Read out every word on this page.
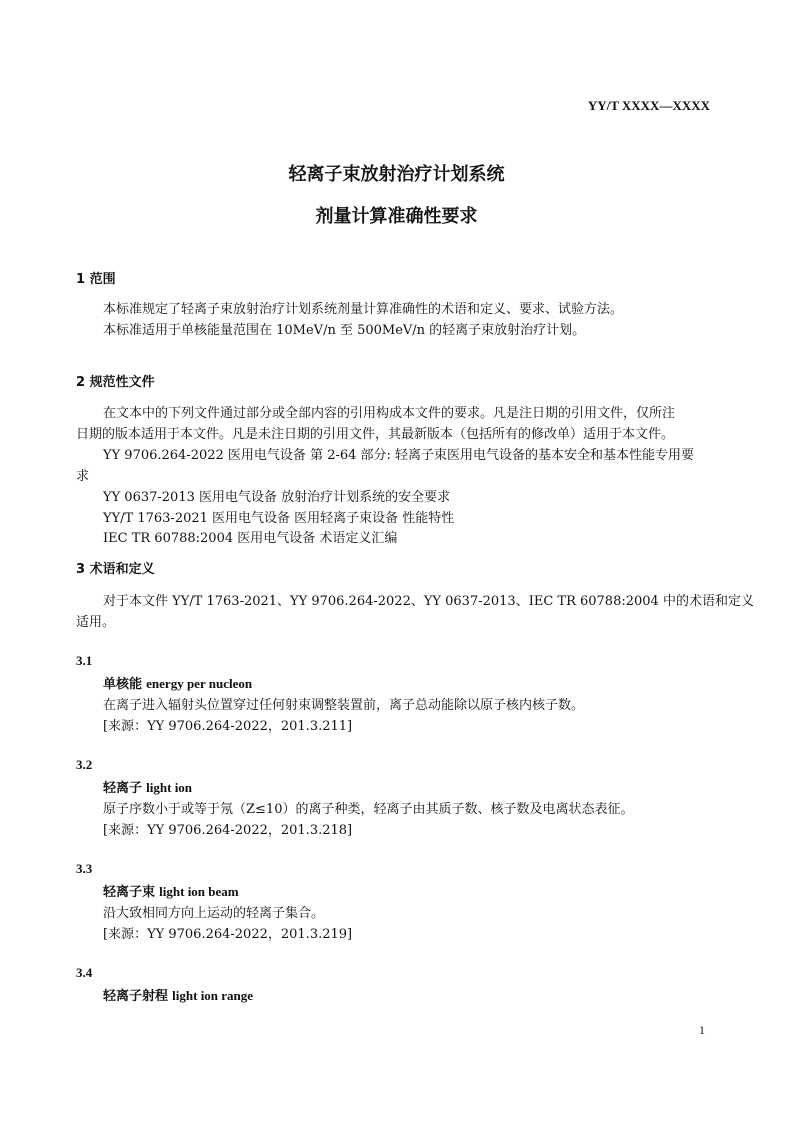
YY/T XXXX—XXXX
轻离子束放射治疗计划系统
剂量计算准确性要求
1 范围
本标准规定了轻离子束放射治疗计划系统剂量计算准确性的术语和定义、要求、试验方法。
本标准适用于单核能量范围在 10MeV/n 至 500MeV/n 的轻离子束放射治疗计划。
2 规范性文件
在文本中的下列文件通过部分或全部内容的引用构成本文件的要求。凡是注日期的引用文件，仅所注
日期的版本适用于本文件。凡是未注日期的引用文件，其最新版本（包括所有的修改单）适用于本文件。
YY 9706.264-2022 医用电气设备 第 2-64 部分: 轻离子束医用电气设备的基本安全和基本性能专用要
求
YY 0637-2013 医用电气设备 放射治疗计划系统的安全要求
YY/T 1763-2021 医用电气设备 医用轻离子束设备 性能特性
IEC TR 60788:2004 医用电气设备 术语定义汇编
3 术语和定义
对于本文件 YY/T 1763-2021、YY 9706.264-2022、YY 0637-2013、IEC TR 60788:2004 中的术语和定义
适用。
3.1
单核能 energy per nucleon
在离子进入辐射头位置穿过任何射束调整装置前，离子总动能除以原子核内核子数。
[来源：YY 9706.264-2022，201.3.211]
3.2
轻离子 light ion
原子序数小于或等于氖（Z≤10）的离子种类，轻离子由其质子数、核子数及电离状态表征。
[来源：YY 9706.264-2022，201.3.218]
3.3
轻离子束 light ion beam
沿大致相同方向上运动的轻离子集合。
[来源：YY 9706.264-2022，201.3.219]
3.4
轻离子射程 light ion range
1
